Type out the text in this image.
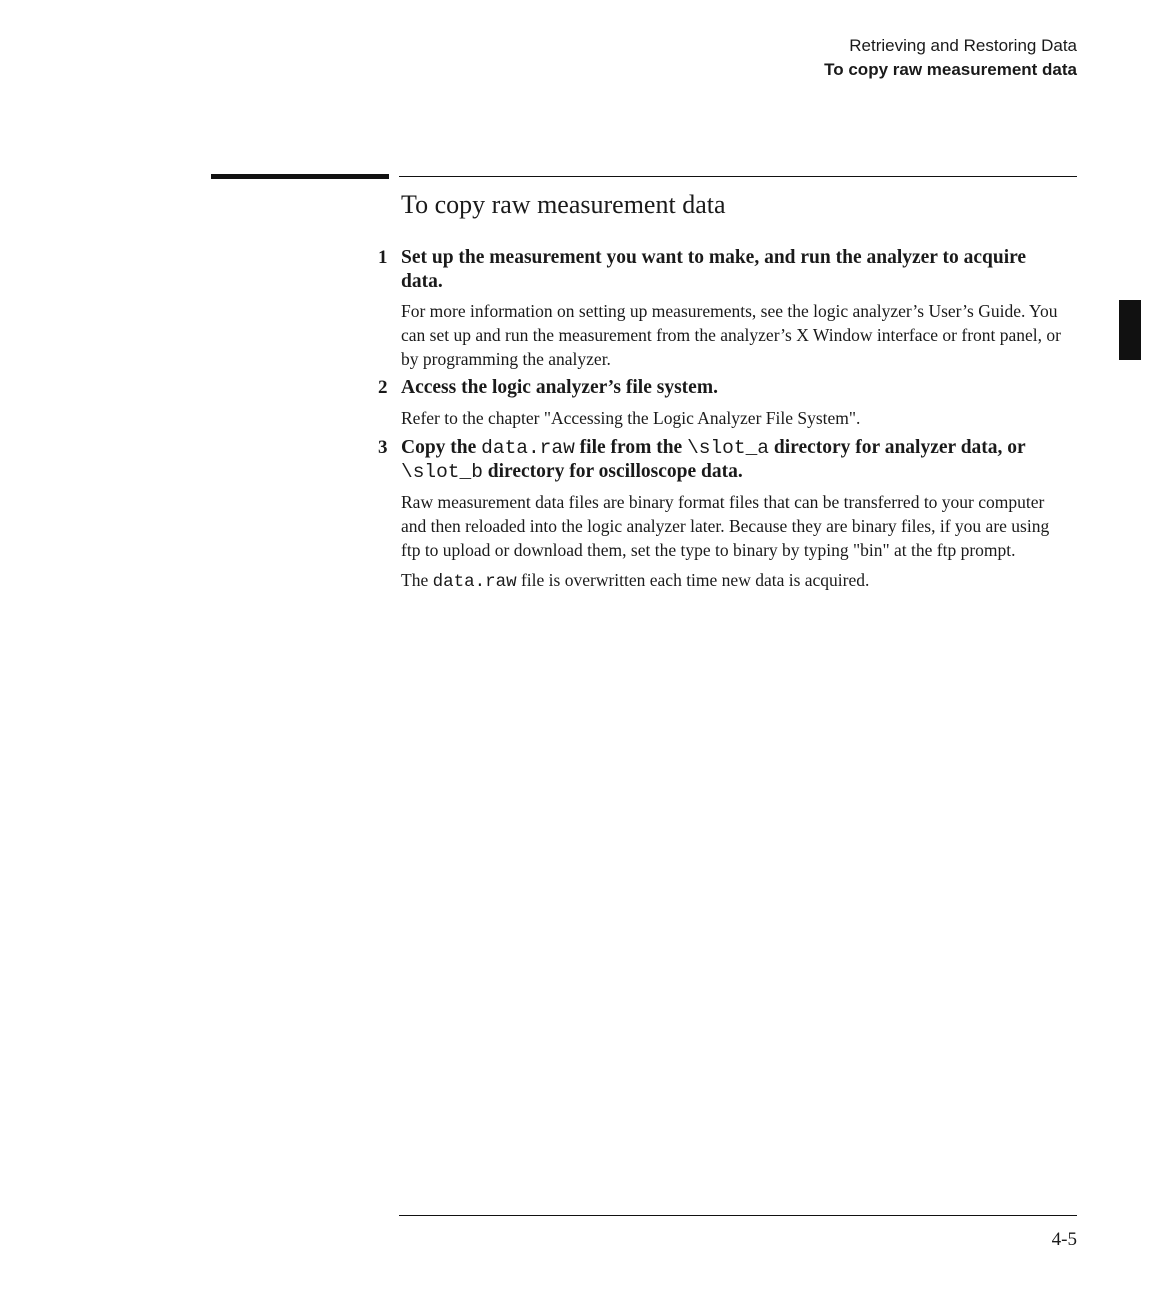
Retrieving and Restoring Data
To copy raw measurement data
To copy raw measurement data
1 Set up the measurement you want to make, and run the analyzer to acquire data.
For more information on setting up measurements, see the logic analyzer’s User’s Guide. You can set up and run the measurement from the analyzer’s X Window interface or front panel, or by programming the analyzer.
2 Access the logic analyzer’s file system.
Refer to the chapter "Accessing the Logic Analyzer File System".
3 Copy the data.raw file from the \slot_a directory for analyzer data, or \slot_b directory for oscilloscope data.
Raw measurement data files are binary format files that can be transferred to your computer and then reloaded into the logic analyzer later. Because they are binary files, if you are using ftp to upload or download them, set the type to binary by typing "bin" at the ftp prompt.
The data.raw file is overwritten each time new data is acquired.
4-5
